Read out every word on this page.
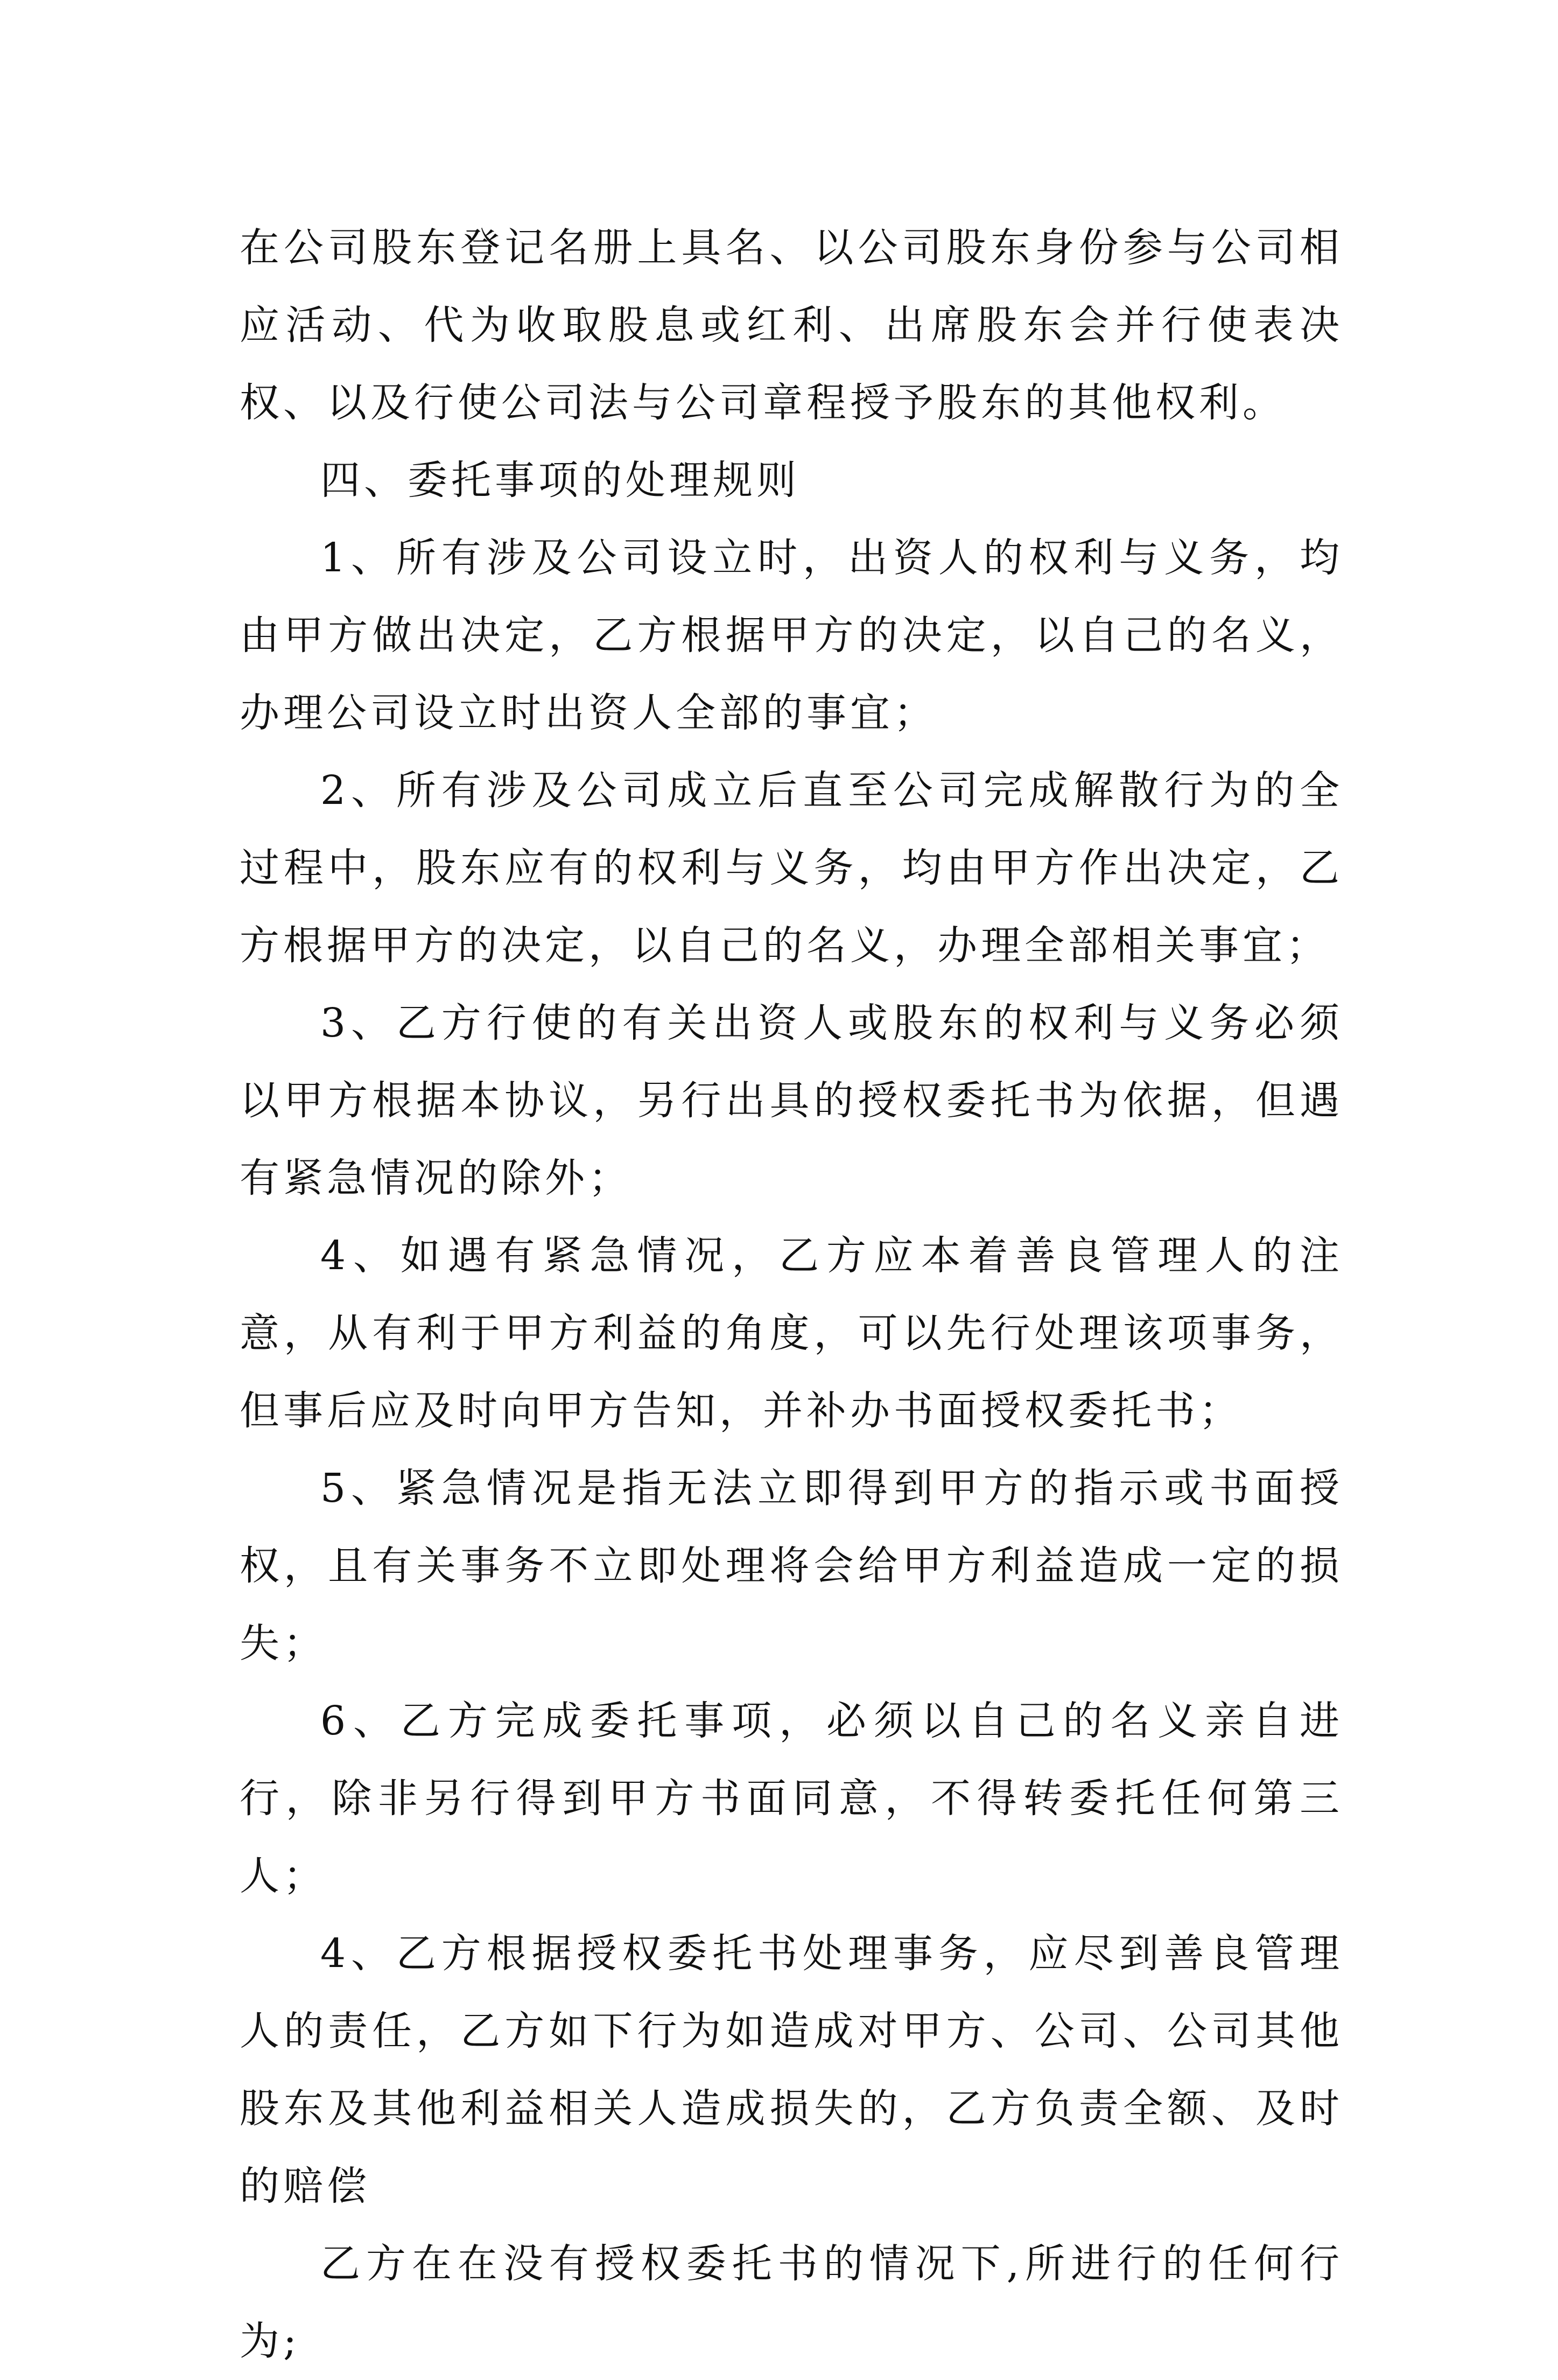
在公司股东登记名册上具名、以公司股东身份参与公司相应活动、代为收取股息或红利、出席股东会并行使表决权、以及行使公司法与公司章程授予股东的其他权利。

四、委托事项的处理规则

1、所有涉及公司设立时，出资人的权利与义务，均由甲方做出决定，乙方根据甲方的决定，以自己的名义，办理公司设立时出资人全部的事宜；

2、所有涉及公司成立后直至公司完成解散行为的全过程中，股东应有的权利与义务，均由甲方作出决定，乙方根据甲方的决定，以自己的名义，办理全部相关事宜；

3、乙方行使的有关出资人或股东的权利与义务必须以甲方根据本协议，另行出具的授权委托书为依据，但遇有紧急情况的除外；

4、如遇有紧急情况，乙方应本着善良管理人的注意，从有利于甲方利益的角度，可以先行处理该项事务，但事后应及时向甲方告知，并补办书面授权委托书；

5、紧急情况是指无法立即得到甲方的指示或书面授权，且有关事务不立即处理将会给甲方利益造成一定的损失；

6、乙方完成委托事项，必须以自己的名义亲自进行，除非另行得到甲方书面同意，不得转委托任何第三人；

4、乙方根据授权委托书处理事务，应尽到善良管理人的责任，乙方如下行为如造成对甲方、公司、公司其他股东及其他利益相关人造成损失的，乙方负责全额、及时的赔偿

乙方在在没有授权委托书的情况下,所进行的任何行为;
